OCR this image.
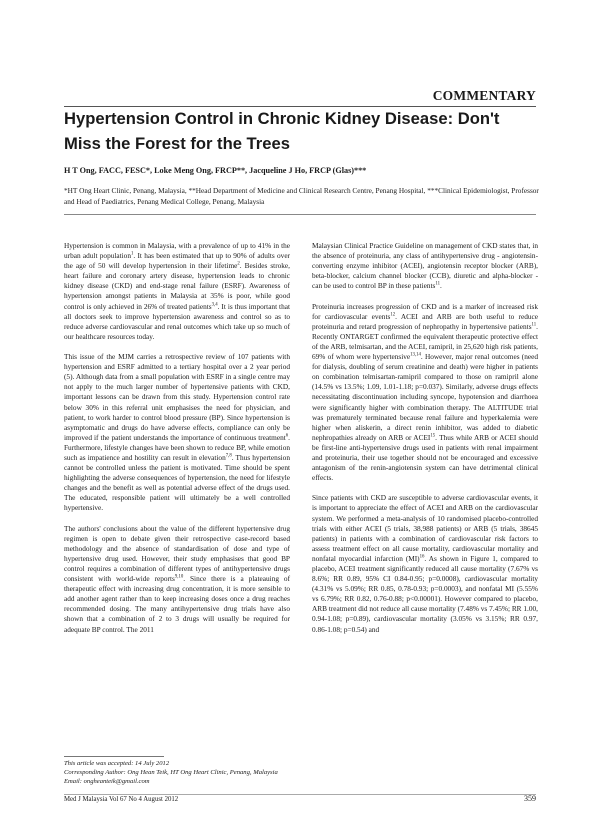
COMMENTARY
Hypertension Control in Chronic Kidney Disease: Don't Miss the Forest for the Trees

H T Ong, FACC, FESC*, Loke Meng Ong, FRCP**, Jacqueline J Ho, FRCP (Glas)***

*HT Ong Heart Clinic, Penang, Malaysia, **Head Department of Medicine and Clinical Research Centre, Penang Hospital, ***Clinical Epidemiologist, Professor and Head of Paediatrics, Penang Medical College, Penang, Malaysia

Hypertension is common in Malaysia, with a prevalence of up to 41% in the urban adult population$^1$. It has been estimated that up to 90% of adults over the age of 50 will develop hypertension in their lifetime$^2$. Besides stroke, heart failure and coronary artery disease, hypertension leads to chronic kidney disease (CKD) and end-stage renal failure (ESRF). Awareness of hypertension amongst patients in Malaysia at 35% is poor, while good control is only achieved in 26% of treated patients$^{3,4}$. It is thus important that all doctors seek to improve hypertension awareness and control so as to reduce adverse cardiovascular and renal outcomes which take up so much of our healthcare resources today.

This issue of the MJM carries a retrospective review of 107 patients with hypertension and ESRF admitted to a tertiary hospital over a 2 year period (5). Although data from a small population with ESRF in a single centre may not apply to the much larger number of hypertensive patients with CKD, important lessons can be drawn from this study. Hypertension control rate below 30% in this referral unit emphasises the need for physician, and patient, to work harder to control blood pressure (BP). Since hypertension is asymptomatic and drugs do have adverse effects, compliance can only be improved if the patient understands the importance of continuous treatment$^6$. Furthermore, lifestyle changes have been shown to reduce BP, while emotion such as impatience and hostility can result in elevation$^{7,8}$. Thus hypertension cannot be controlled unless the patient is motivated. Time should be spent highlighting the adverse consequences of hypertension, the need for lifestyle changes and the benefit as well as potential adverse effect of the drugs used. The educated, responsible patient will ultimately be a well controlled hypertensive.

The authors' conclusions about the value of the different hypertensive drug regimen is open to debate given their retrospective case-record based methodology and the absence of standardisation of dose and type of hypertensive drug used. However, their study emphasises that good BP control requires a combination of different types of antihypertensive drugs consistent with world-wide reports$^{9,10}$. Since there is a plateauing of therapeutic effect with increasing drug concentration, it is more sensible to add another agent rather than to keep increasing doses once a drug reaches recommended dosing. The many antihypertensive drug trials have also shown that a combination of 2 to 3 drugs will usually be required for adequate BP control. The 2011

Malaysian Clinical Practice Guideline on management of CKD states that, in the absence of proteinuria, any class of antihypertensive drug - angiotensin-converting enzyme inhibitor (ACEI), angiotensin receptor blocker (ARB), beta-blocker, calcium channel blocker (CCB), diuretic and alpha-blocker - can be used to control BP in these patients$^{11}$.

Proteinuria increases progression of CKD and is a marker of increased risk for cardiovascular events$^{12}$. ACEI and ARB are both useful to reduce proteinuria and retard progression of nephropathy in hypertensive patients$^{11}$. Recently ONTARGET confirmed the equivalent therapeutic protective effect of the ARB, telmisartan, and the ACEI, ramipril, in 25,620 high risk patients, 69% of whom were hypertensive$^{13,14}$. However, major renal outcomes (need for dialysis, doubling of serum creatinine and death) were higher in patients on combination telmisartan-ramipril compared to those on ramipril alone (14.5% vs 13.5%; 1.09, 1.01-1.18; p=0.037). Similarly, adverse drugs effects necessitating discontinuation including syncope, hypotension and diarrhoea were significantly higher with combination therapy. The ALTITUDE trial was prematurely terminated because renal failure and hyperkalemia were higher when aliskerin, a direct renin inhibitor, was added to diabetic nephropathies already on ARB or ACEI$^{15}$. Thus while ARB or ACEI should be first-line anti-hypertensive drugs used in patients with renal impairment and proteinuria, their use together should not be encouraged and excessive antagonism of the renin-angiotensin system can have detrimental clinical effects.

Since patients with CKD are susceptible to adverse cardiovascular events, it is important to appreciate the effect of ACEI and ARB on the cardiovascular system. We performed a meta-analysis of 10 randomised placebo-controlled trials with either ACEI (5 trials, 38,988 patients) or ARB (5 trials, 38645 patients) in patients with a combination of cardiovascular risk factors to assess treatment effect on all cause mortality, cardiovascular mortality and nonfatal myocardial infarction (MI)$^{16}$. As shown in Figure 1, compared to placebo, ACEI treatment significantly reduced all cause mortality (7.67% vs 8.6%; RR 0.89, 95% CI 0.84-0.95; p=0.0008), cardiovascular mortality (4.31% vs 5.09%; RR 0.85, 0.78-0.93; p=0.0003), and nonfatal MI (5.55% vs 6.79%; RR 0.82, 0.76-0.88; p<0.00001). However compared to placebo, ARB treatment did not reduce all cause mortality (7.48% vs 7.45%; RR 1.00, 0.94-1.08; p=0.89), cardiovascular mortality (3.05% vs 3.15%; RR 0.97, 0.86-1.08; p=0.54) and

This article was accepted: 14 July 2012
Corresponding Author: Ong Hean Teik, HT Ong Heart Clinic, Penang, Malaysia
Email: ongheanteik@gmail.com
Med J Malaysia Vol 67 No 4 August 2012	359
